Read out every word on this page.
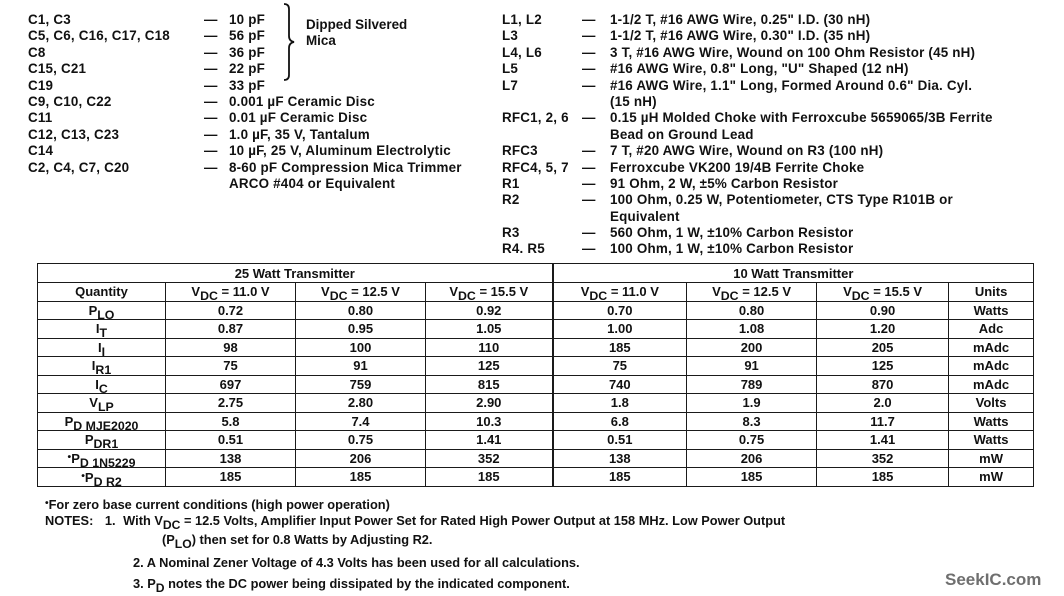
C1, C3	— 10 pF
C5, C6, C16, C17, C18	— 56 pF
C8	— 36 pF
C15, C21	— 22 pF
C19	— 33 pF
C9, C10, C22	— 0.001 µF Ceramic Disc
C11	— 0.01 µF Ceramic Disc
C12, C13, C23	— 1.0 µF, 35 V, Tantalum
C14	— 10 µF, 25 V, Aluminum Electrolytic
C2, C4, C7, C20	— 8-60 pF Compression Mica Trimmer
ARCO #404 or Equivalent
Dipped Silvered
Mica
L1, L2	— 1-1/2 T, #16 AWG Wire, 0.25" I.D. (30 nH)
L3	— 1-1/2 T, #16 AWG Wire, 0.30" I.D. (35 nH)
L4, L6	— 3 T, #16 AWG Wire, Wound on 100 Ohm Resistor (45 nH)
L5	— #16 AWG Wire, 0.8" Long, "U" Shaped (12 nH)
L7	— #16 AWG Wire, 1.1" Long, Formed Around 0.6" Dia. Cyl.
(15 nH)
RFC1, 2, 6 — 0.15 µH Molded Choke with Ferroxcube 5659065/3B Ferrite
Bead on Ground Lead
RFC3	— 7 T, #20 AWG Wire, Wound on R3 (100 nH)
RFC4, 5, 7 — Ferroxcube VK200 19/4B Ferrite Choke
R1	— 91 Ohm, 2 W, ±5% Carbon Resistor
R2	— 100 Ohm, 0.25 W, Potentiometer, CTS Type R101B or
Equivalent
R3	— 560 Ohm, 1 W, ±10% Carbon Resistor
R4. R5	— 100 Ohm, 1 W, ±10% Carbon Resistor
25 Watt Transmitter				10 Watt Transmitter			
Quantity	$V_{DC} = 11.0$ V	$V_{DC} = 12.5$ V	$V_{DC} = 15.5$ V	$V_{DC} = 11.0$ V	$V_{DC} = 12.5$ V	$V_{DC} = 15.5$ V	Units
$P_{LO}$	0.72	0.80	0.92	0.70	0.80	0.90	Watts
$I_T$	0.87	0.95	1.05	1.00	1.08	1.20	Adc
$I_I$	98	100	110	185	200	205	mAdc
$I_{R1}$	75	91	125	75	91	125	mAdc
$I_C$	697	759	815	740	789	870	mAdc
$V_{LP}$	2.75	2.80	2.90	1.8	1.9	2.0	Volts
$P_{D MJE2020}$	5.8	7.4	10.3	6.8	8.3	11.7	Watts
$P_{DR1}$	0.51	0.75	1.41	0.51	0.75	1.41	Watts
$^•P_{D 1N5229}$	138	206	352	138	206	352	mW
$^•P_{D R2}$	185	185	185	185	185	185	mW
•For zero base current conditions (high power operation)
NOTES: 1. With $V_{DC} = 12.5$ Volts, Amplifier Input Power Set for Rated High Power Output at 158 MHz. Low Power Output
$(P_{LO})$ then set for 0.8 Watts by Adjusting R2.
2. A Nominal Zener Voltage of 4.3 Volts has been used for all calculations.
3. $P_D$ notes the DC power being dissipated by the indicated component.	SeekIC.com
